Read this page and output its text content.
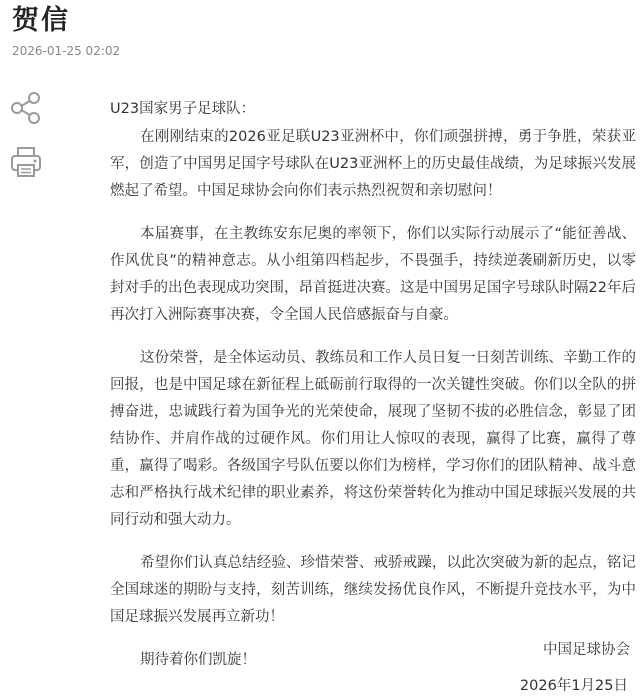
贺信
2026-01-25 02:02

U23国家男子足球队：

在刚刚结束的2026亚足联U23亚洲杯中，你们顽强拼搏，勇于争胜，荣获亚军，创造了中国男足国字号球队在U23亚洲杯上的历史最佳战绩，为足球振兴发展燃起了希望。中国足球协会向你们表示热烈祝贺和亲切慰问！

本届赛事，在主教练安东尼奥的率领下，你们以实际行动展示了“能征善战、作风优良”的精神意志。从小组第四档起步，不畏强手，持续逆袭刷新历史，以零封对手的出色表现成功突围，昂首挺进决赛。这是中国男足国字号球队时隔22年后再次打入洲际赛事决赛，令全国人民倍感振奋与自豪。

这份荣誉，是全体运动员、教练员和工作人员日复一日刻苦训练、辛勤工作的回报，也是中国足球在新征程上砥砺前行取得的一次关键性突破。你们以全队的拼搏奋进，忠诚践行着为国争光的光荣使命，展现了坚韧不拔的必胜信念，彰显了团结协作、并肩作战的过硬作风。你们用让人惊叹的表现，赢得了比赛，赢得了尊重，赢得了喝彩。各级国字号队伍要以你们为榜样，学习你们的团队精神、战斗意志和严格执行战术纪律的职业素养，将这份荣誉转化为推动中国足球振兴发展的共同行动和强大动力。

希望你们认真总结经验、珍惜荣誉、戒骄戒躁，以此次突破为新的起点，铭记全国球迷的期盼与支持，刻苦训练，继续发扬优良作风，不断提升竞技水平，为中国足球振兴发展再立新功！

期待着你们凯旋！

中国足球协会
2026年1月25日
